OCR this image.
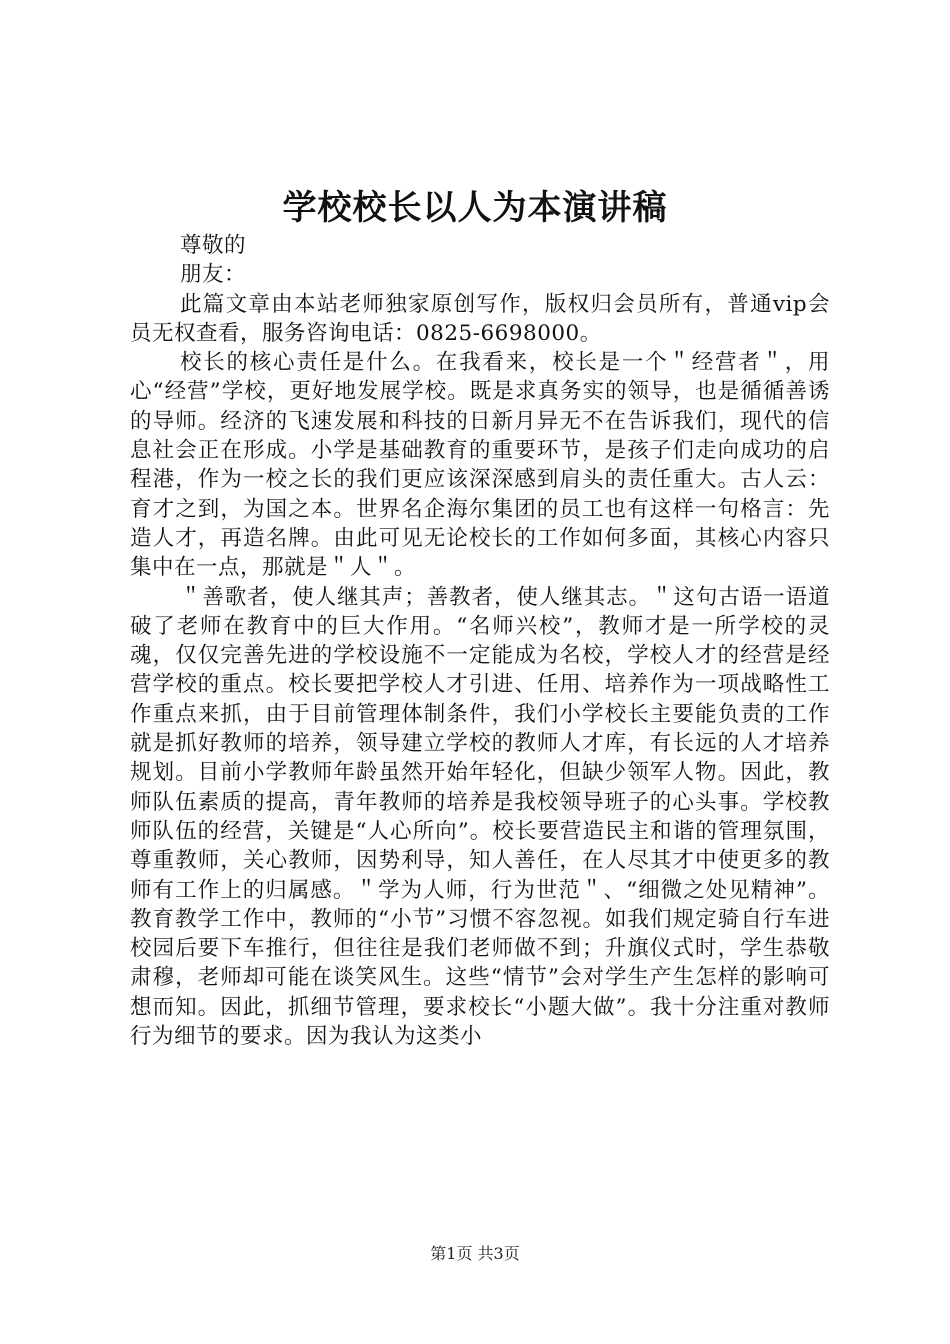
学校校长以人为本演讲稿

尊敬的

朋友：

此篇文章由本站老师独家原创写作，版权归会员所有，普通vip会员无权查看，服务咨询电话：0825-6698000。

校长的核心责任是什么。在我看来，校长是一个＂经营者＂，用心“经营”学校，更好地发展学校。既是求真务实的领导，也是循循善诱的导师。经济的飞速发展和科技的日新月异无不在告诉我们，现代的信息社会正在形成。小学是基础教育的重要环节，是孩子们走向成功的启程港，作为一校之长的我们更应该深深感到肩头的责任重大。古人云：育才之到，为国之本。世界名企海尔集团的员工也有这样一句格言：先造人才，再造名牌。由此可见无论校长的工作如何多面，其核心内容只集中在一点，那就是＂人＂。

＂善歌者，使人继其声；善教者，使人继其志。＂这句古语一语道破了老师在教育中的巨大作用。“名师兴校”，教师才是一所学校的灵魂，仅仅完善先进的学校设施不一定能成为名校，学校人才的经营是经营学校的重点。校长要把学校人才引进、任用、培养作为一项战略性工作重点来抓，由于目前管理体制条件，我们小学校长主要能负责的工作就是抓好教师的培养，领导建立学校的教师人才库，有长远的人才培养规划。目前小学教师年龄虽然开始年轻化，但缺少领军人物。因此，教师队伍素质的提高，青年教师的培养是我校领导班子的心头事。学校教师队伍的经营，关键是“人心所向”。校长要营造民主和谐的管理氛围，尊重教师，关心教师，因势利导，知人善任，在人尽其才中使更多的教师有工作上的归属感。＂学为人师，行为世范＂、“细微之处见精神”。教育教学工作中，教师的“小节”习惯不容忽视。如我们规定骑自行车进校园后要下车推行，但往往是我们老师做不到；升旗仪式时，学生恭敬肃穆，老师却可能在谈笑风生。这些“情节”会对学生产生怎样的影响可想而知。因此，抓细节管理，要求校长“小题大做”。我十分注重对教师行为细节的要求。因为我认为这类小

第1页 共3页
